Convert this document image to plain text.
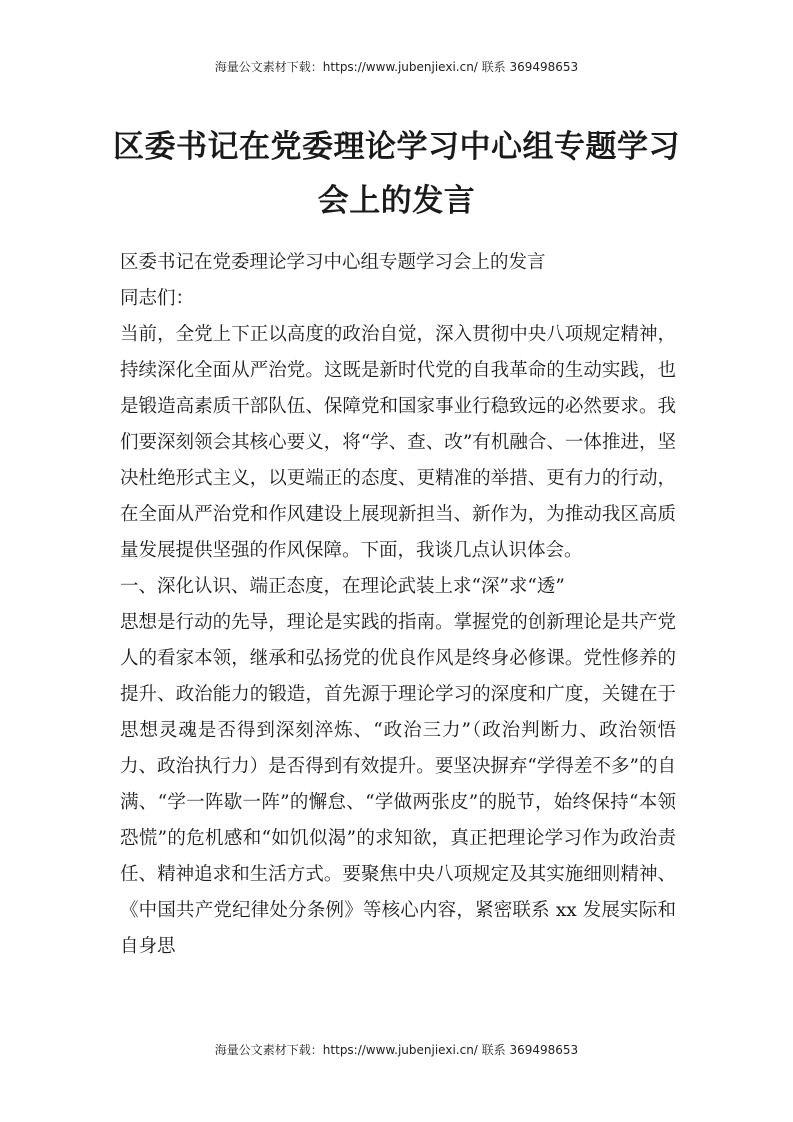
海量公文素材下载：https://www.jubenjiexi.cn/ 联系 369498653
区委书记在党委理论学习中心组专题学习
会上的发言

区委书记在党委理论学习中心组专题学习会上的发言

同志们：

当前，全党上下正以高度的政治自觉，深入贯彻中央八项规定精神，持续深化全面从严治党。这既是新时代党的自我革命的生动实践，也是锻造高素质干部队伍、保障党和国家事业行稳致远的必然要求。我们要深刻领会其核心要义，将“学、查、改”有机融合、一体推进，坚决杜绝形式主义，以更端正的态度、更精准的举措、更有力的行动，在全面从严治党和作风建设上展现新担当、新作为，为推动我区高质量发展提供坚强的作风保障。下面，我谈几点认识体会。

一、深化认识、端正态度，在理论武装上求“深”求“透”

思想是行动的先导，理论是实践的指南。掌握党的创新理论是共产党人的看家本领，继承和弘扬党的优良作风是终身必修课。党性修养的提升、政治能力的锻造，首先源于理论学习的深度和广度，关键在于思想灵魂是否得到深刻淬炼、“政治三力”（政治判断力、政治领悟力、政治执行力）是否得到有效提升。要坚决摒弃“学得差不多”的自满、“学一阵歇一阵”的懈怠、“学做两张皮”的脱节，始终保持“本领恐慌”的危机感和“如饥似渴”的求知欲，真正把理论学习作为政治责任、精神追求和生活方式。要聚焦中央八项规定及其实施细则精神、《中国共产党纪律处分条例》等核心内容，紧密联系 xx 发展实际和自身思

海量公文素材下载：https://www.jubenjiexi.cn/ 联系 369498653
